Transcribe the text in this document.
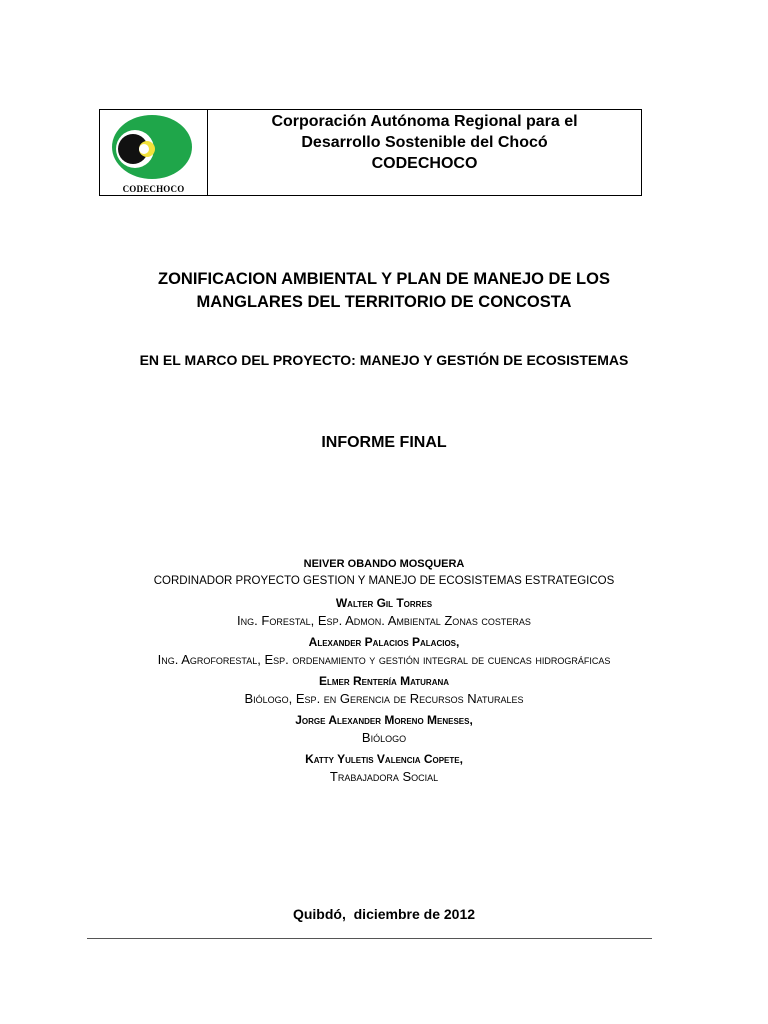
CODECHOCO
Corporación Autónoma Regional para el
Desarrollo Sostenible del Chocó
CODECHOCO
ZONIFICACION AMBIENTAL Y PLAN DE MANEJO DE LOS
MANGLARES DEL TERRITORIO DE CONCOSTA
EN EL MARCO DEL PROYECTO: MANEJO Y GESTIÓN DE ECOSISTEMAS
INFORME FINAL
NEIVER OBANDO MOSQUERA
CORDINADOR PROYECTO GESTION Y MANEJO DE ECOSISTEMAS ESTRATEGICOS
Walter Gil Torres
Ing. Forestal, Esp. Admon. Ambiental Zonas costeras
Alexander Palacios Palacios,
Ing. Agroforestal, Esp. ordenamiento y gestión integral de cuencas hidrográficas
Elmer Rentería Maturana
Biólogo, Esp. en Gerencia de Recursos Naturales
Jorge Alexander Moreno Meneses,
Biólogo
Katty Yuletis Valencia Copete,
Trabajadora Social
Quibdó,  diciembre de 2012
